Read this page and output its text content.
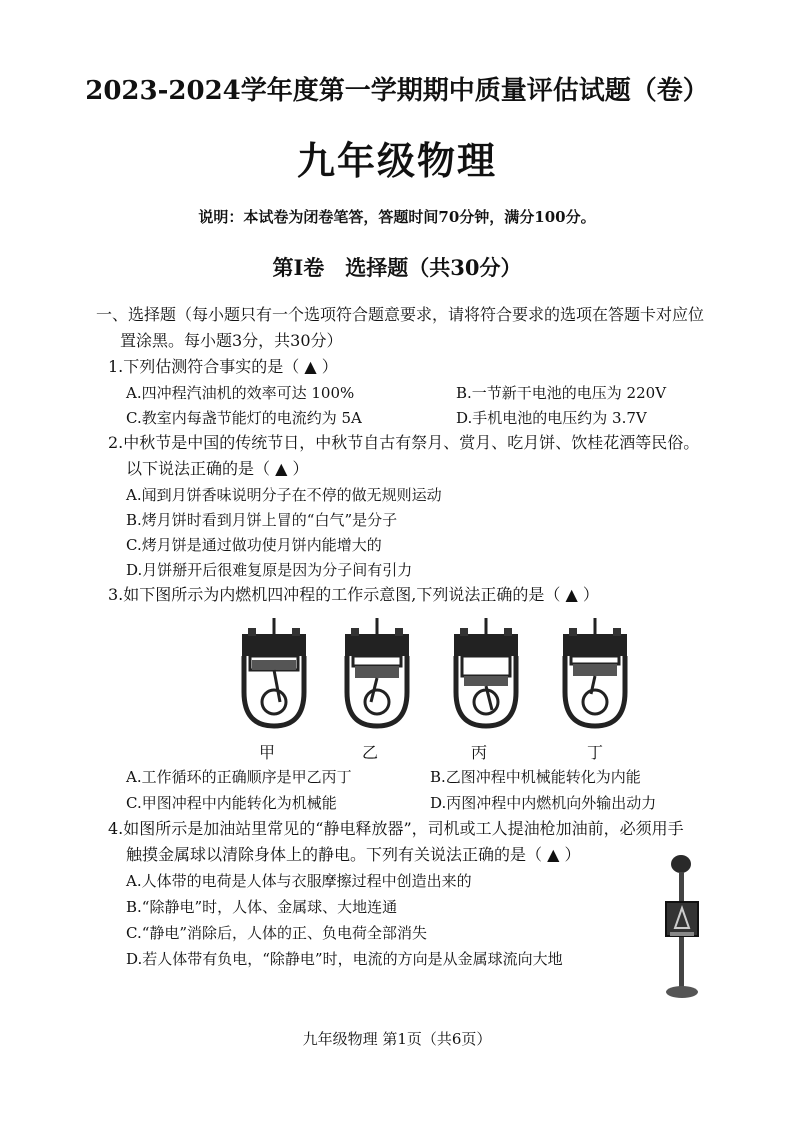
2023-2024学年度第一学期期中质量评估试题（卷）
九年级物理
说明：本试卷为闭卷笔答，答题时间70分钟，满分100分。
第Ⅰ卷　选择题（共30分）
一、选择题（每小题只有一个选项符合题意要求，请将符合要求的选项在答题卡对应位
置涂黑。每小题3分，共30分）
1.下列估测符合事实的是（ ▲ ）
A.四冲程汽油机的效率可达 100%	B.一节新干电池的电压为 220V
C.教室内每盏节能灯的电流约为 5A	D.手机电池的电压约为 3.7V
2.中秋节是中国的传统节日，中秋节自古有祭月、赏月、吃月饼、饮桂花酒等民俗。
以下说法正确的是（ ▲ ）
A.闻到月饼香味说明分子在不停的做无规则运动
B.烤月饼时看到月饼上冒的“白气”是分子
C.烤月饼是通过做功使月饼内能增大的
D.月饼掰开后很难复原是因为分子间有引力
3.如下图所示为内燃机四冲程的工作示意图,下列说法正确的是（ ▲ ）
甲	乙	丙	丁
A.工作循环的正确顺序是甲乙丙丁	B.乙图冲程中机械能转化为内能
C.甲图冲程中内能转化为机械能	D.丙图冲程中内燃机向外输出动力
4.如图所示是加油站里常见的“静电释放器”，司机或工人提油枪加油前，必须用手
触摸金属球以清除身体上的静电。下列有关说法正确的是（ ▲ ）
A.人体带的电荷是人体与衣服摩擦过程中创造出来的
B.“除静电”时，人体、金属球、大地连通
C.“静电”消除后，人体的正、负电荷全部消失
D.若人体带有负电，“除静电”时，电流的方向是从金属球流向大地
九年级物理 第1页（共6页）
